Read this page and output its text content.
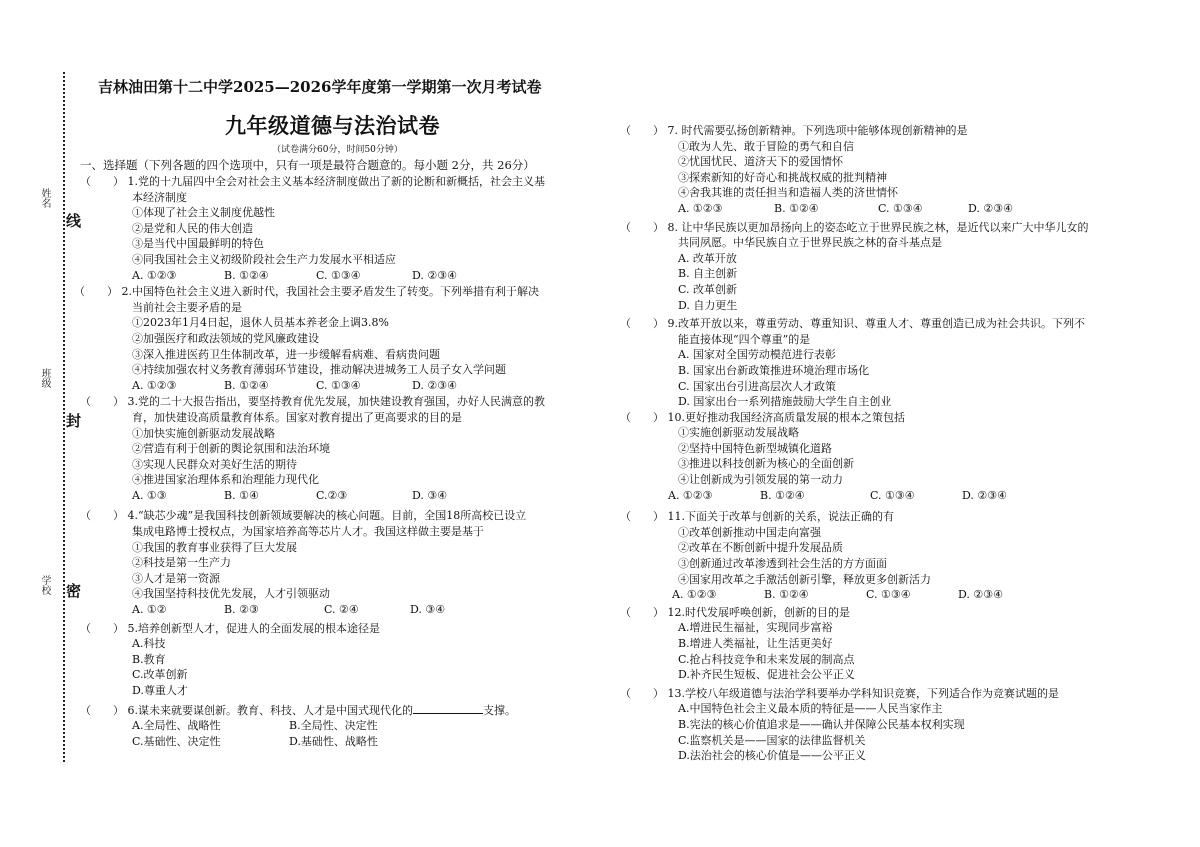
姓名
班级
学校
线
封
密
吉林油田第十二中学2025—2026学年度第一学期第一次月考试卷
九年级道德与法治试卷
（试卷满分60分，时间50分钟）
一、选择题（下列各题的四个选项中，只有一项是最符合题意的。每小题 2分，共 26分）
（　　） 1.党的十九届四中全会对社会主义基本经济制度做出了新的论断和新概括，社会主义基
本经济制度
①体现了社会主义制度优越性
②是党和人民的伟大创造
③是当代中国最鲜明的特色
④同我国社会主义初级阶段社会生产力发展水平相适应
A. ①②③	B. ①②④	C. ①③④	D. ②③④
（　　） 2.中国特色社会主义进入新时代，我国社会主要矛盾发生了转变。下列举措有利于解决
当前社会主要矛盾的是
①2023年1月4日起，退休人员基本养老金上调3.8%
②加强医疗和政法领域的党风廉政建设
③深入推进医药卫生体制改革，进一步缓解看病难、看病贵问题
④持续加强农村义务教育薄弱环节建设，推动解决进城务工人员子女入学问题
A. ①②③	B. ①②④	C. ①③④	D. ②③④
（　　） 3.党的二十大报告指出，要坚持教育优先发展，加快建设教育强国，办好人民满意的教
育，加快建设高质量教育体系。国家对教育提出了更高要求的目的是
①加快实施创新驱动发展战略
②营造有利于创新的舆论氛围和法治环境
③实现人民群众对美好生活的期待
④推进国家治理体系和治理能力现代化
A. ①③	B. ①④	C.②③	D. ③④
（　　） 4.“缺芯少魂”是我国科技创新领域要解决的核心问题。目前，全国18所高校已设立
集成电路博士授权点，为国家培养高等芯片人才。我国这样做主要是基于
①我国的教育事业获得了巨大发展
②科技是第一生产力
③人才是第一资源
④我国坚持科技优先发展，人才引领驱动
A. ①②	B. ②③	C. ②④	D. ③④
（　　） 5.培养创新型人才，促进人的全面发展的根本途径是
A.科技
B.教育
C.改革创新
D.尊重人才
（　　） 6.谋未来就要谋创新。教育、科技、人才是中国式现代化的	支撑。
A.全局性、战略性	B.全局性、决定性
C.基础性、决定性	D.基础性、战略性
（　　） 7. 时代需要弘扬创新精神。下列选项中能够体现创新精神的是
①敢为人先、敢于冒险的勇气和自信
②忧国忧民、道济天下的爱国情怀
③探索新知的好奇心和挑战权威的批判精神
④舍我其谁的责任担当和造福人类的济世情怀
A. ①②③	B. ①②④	C. ①③④	D. ②③④
（　　） 8. 让中华民族以更加昂扬向上的姿态屹立于世界民族之林，是近代以来广大中华儿女的
共同夙愿。中华民族自立于世界民族之林的奋斗基点是
A. 改革开放
B. 自主创新
C. 改革创新
D. 自力更生
（　　） 9.改革开放以来，尊重劳动、尊重知识、尊重人才、尊重创造已成为社会共识。下列不
能直接体现“四个尊重”的是
A. 国家对全国劳动模范进行表彰
B. 国家出台新政策推进环境治理市场化
C. 国家出台引进高层次人才政策
D. 国家出台一系列措施鼓励大学生自主创业
（　　） 10.更好推动我国经济高质量发展的根本之策包括
①实施创新驱动发展战略
②坚持中国特色新型城镇化道路
③推进以科技创新为核心的全面创新
④让创新成为引领发展的第一动力
A. ①②③	B. ①②④	C. ①③④	D. ②③④
（　　） 11.下面关于改革与创新的关系，说法正确的有
①改革创新推动中国走向富强
②改革在不断创新中提升发展品质
③创新通过改革渗透到社会生活的方方面面
④国家用改革之手激活创新引擎，释放更多创新活力
A. ①②③	B. ①②④	C. ①③④	D. ②③④
（　　） 12.时代发展呼唤创新，创新的目的是
A.增进民生福祉，实现同步富裕
B.增进人类福祉，让生活更美好
C.抢占科技竞争和未来发展的制高点
D.补齐民生短板、促进社会公平正义
（　　） 13.学校八年级道德与法治学科要举办学科知识竞赛，下列适合作为竞赛试题的是
A.中国特色社会主义最本质的特征是——人民当家作主
B.宪法的核心价值追求是——确认并保障公民基本权利实现
C.监察机关是——国家的法律监督机关
D.法治社会的核心价值是——公平正义
